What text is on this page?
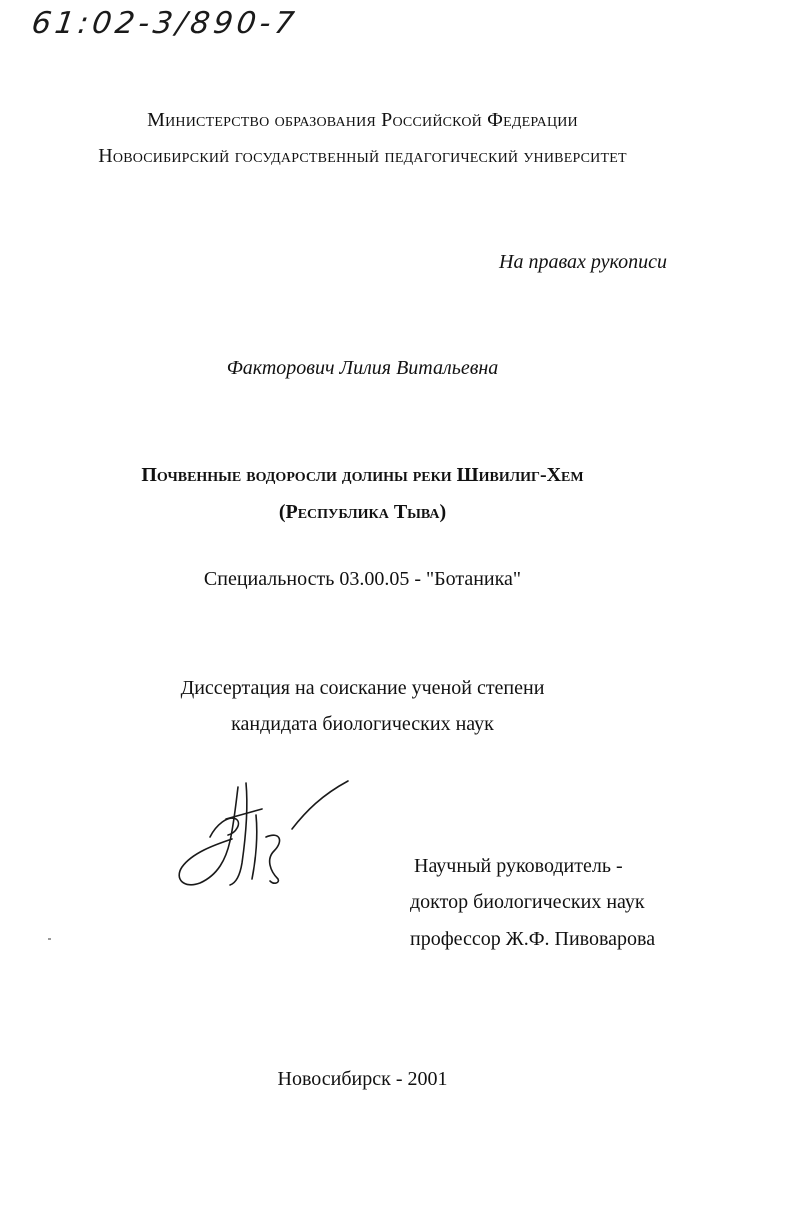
61:02-3/890-7
Министерство образования Российской Федерации
Новосибирский государственный педагогический университет
На правах рукописи
Факторович Лилия Витальевна
Почвенные водоросли долины реки Шивилиг-Хем
(Республика Тыва)
Специальность 03.00.05 - "Ботаника"
Диссертация на соискание ученой степени
кандидата биологических наук
Научный руководитель -
доктор биологических наук
профессор Ж.Ф. Пивоварова
Новосибирск - 2001
